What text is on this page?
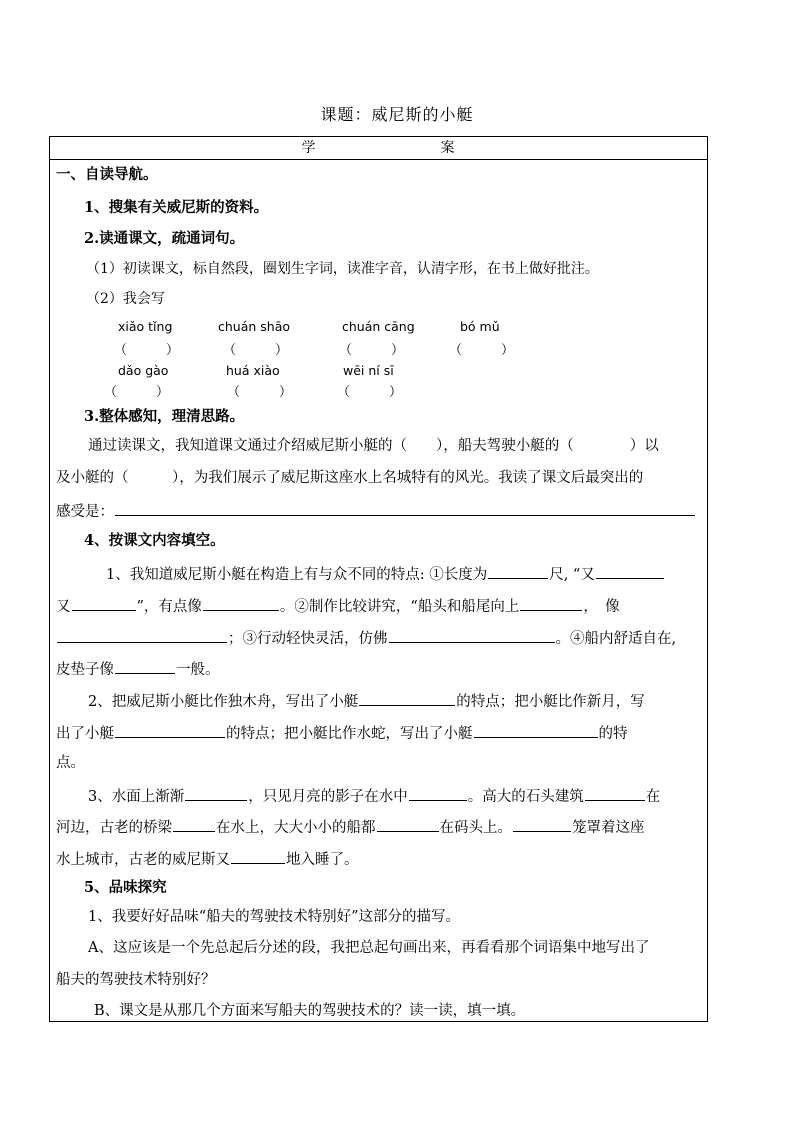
课题：威尼斯的小艇
学	案
一、自读导航。
1、搜集有关威尼斯的资料。
2.读通课文，疏通词句。
（1）初读课文，标自然段，圈划生字词，读准字音，认清字形，在书上做好批注。
（2）我会写
xiǎo tǐng	chuán shāo	chuán cāng	bó mǔ
（　　　）	（　　　）	（　　　）	（　　　）
dǎo gào	huá xiào	wēi ní sī
（　　　）	（　　　）	（　　　）
3.整体感知，理清思路。
通过读课文，我知道课文通过介绍威尼斯小艇的（　　），船夫驾驶小艇的（	）以
及小艇的（　　　），为我们展示了威尼斯这座水上名城特有的风光。我读了课文后最突出的
感受是：
4、按课文内容填空。
1、我知道威尼斯小艇在构造上有与众不同的特点: ①长度为	尺, “又
又	”，有点像	。②制作比较讲究，“船头和船尾向上	，　像
；③行动轻快灵活，仿佛	。④船内舒适自在,
皮垫子像	一般。
2、把威尼斯小艇比作独木舟，写出了小艇	的特点；把小艇比作新月，写
出了小艇	的特点；把小艇比作水蛇，写出了小艇	的特
点。
3、水面上渐渐	，只见月亮的影子在水中	。高大的石头建筑	在
河边，古老的桥梁	在水上，大大小小的船都	在码头上。	笼罩着这座
水上城市，古老的威尼斯又	地入睡了。
5、品味探究
1、我要好好品味“船夫的驾驶技术特别好”这部分的描写。
A、这应该是一个先总起后分述的段，我把总起句画出来，再看看那个词语集中地写出了
船夫的驾驶技术特别好？
B、课文是从那几个方面来写船夫的驾驶技术的？读一读，填一填。
